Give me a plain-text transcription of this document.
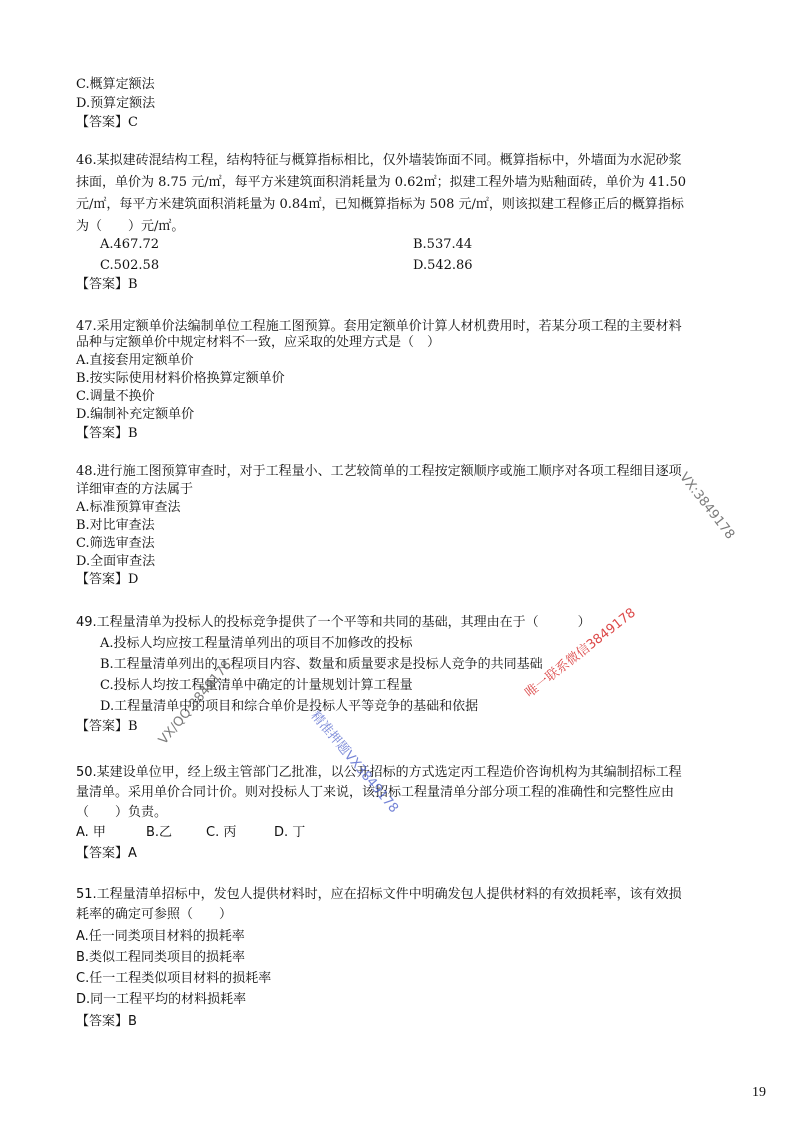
C.概算定额法
D.预算定额法
【答案】C
46.某拟建砖混结构工程，结构特征与概算指标相比，仅外墙装饰面不同。概算指标中，外墙面为水泥砂浆
抹面，单价为 8.75 元/㎡，每平方米建筑面积消耗量为 0.62㎡；拟建工程外墙为贴釉面砖，单价为 41.50
元/㎡，每平方米建筑面积消耗量为 0.84㎡，已知概算指标为 508 元/㎡，则该拟建工程修正后的概算指标
为（　　）元/㎡。
A.467.72	B.537.44
C.502.58	D.542.86
【答案】B
47.采用定额单价法编制单位工程施工图预算。套用定额单价计算人材机费用时，若某分项工程的主要材料
品种与定额单价中规定材料不一致，应采取的处理方式是（　）
A.直接套用定额单价
B.按实际使用材料价格换算定额单价
C.调量不换价
D.编制补充定额单价
【答案】B
48.进行施工图预算审查时，对于工程量小、工艺较简单的工程按定额顺序或施工顺序对各项工程细目逐项
详细审查的方法属于
A.标准预算审查法
B.对比审查法
C.筛选审查法
D.全面审查法
【答案】D
49.工程量清单为投标人的投标竞争提供了一个平等和共同的基础，其理由在于（　　　）
A.投标人均应按工程量清单列出的项目不加修改的投标
B.工程量清单列出的工程项目内容、数量和质量要求是投标人竞争的共同基础
C.投标人均按工程量清单中确定的计量规划计算工程量
D.工程量清单中的项目和综合单价是投标人平等竞争的基础和依据
【答案】B
50.某建设单位甲，经上级主管部门乙批准，以公开招标的方式选定丙工程造价咨询机构为其编制招标工程
量清单。采用单价合同计价。则对投标人丁来说，该招标工程量清单分部分项工程的准确性和完整性应由
（　　）负责。
A. 甲	B.乙	C. 丙	D. 丁
【答案】A
51.工程量清单招标中，发包人提供材料时，应在招标文件中明确发包人提供材料的有效损耗率，该有效损
耗率的确定可参照（　　）
A.任一同类项目材料的损耗率
B.类似工程同类项目的损耗率
C.任一工程类似项目材料的损耗率
D.同一工程平均的材料损耗率
【答案】B
VX:3849178
唯一联系微信3849178
精准押题VX3849178
VX/QQ:3849178
19
